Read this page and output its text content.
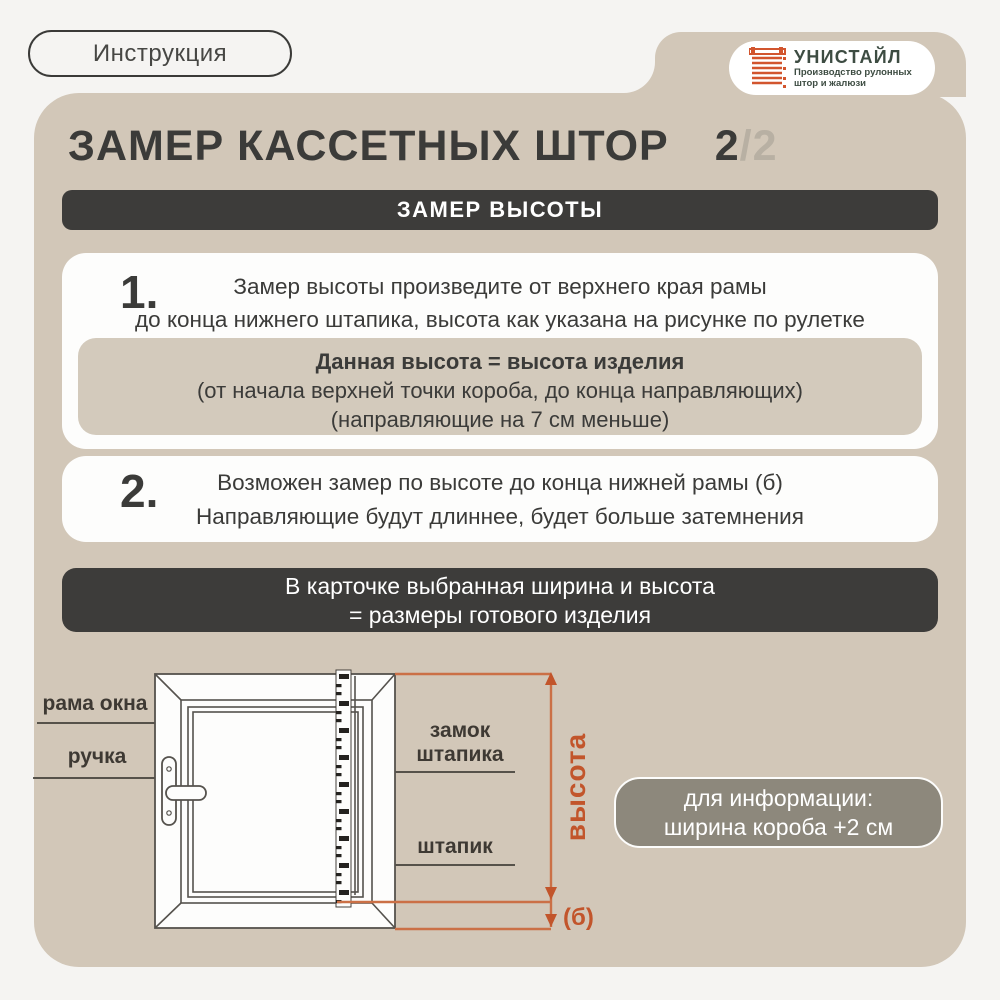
Инструкция	УНИСТАЙЛ
Производство рулонных
штор и жалюзи
ЗАМЕР КАССЕТНЫХ ШТОР 2/2
ЗАМЕР ВЫСОТЫ
1.	Замер высоты произведите от верхнего края рамы
до конца нижнего штапика, высота как указана на рисунке по рулетке
Данная высота = высота изделия
(от начала верхней точки короба, до конца направляющих)
(направляющие на 7 см меньше)
2.	Возможен замер по высоте до конца нижней рамы (б)
Направляющие будут длиннее, будет больше затемнения
В карточке выбранная ширина и высота
= размеры готового изделия
рама окна
ручка
замок
штапика
штапик
высота
(б)
для информации:
ширина короба +2 см
